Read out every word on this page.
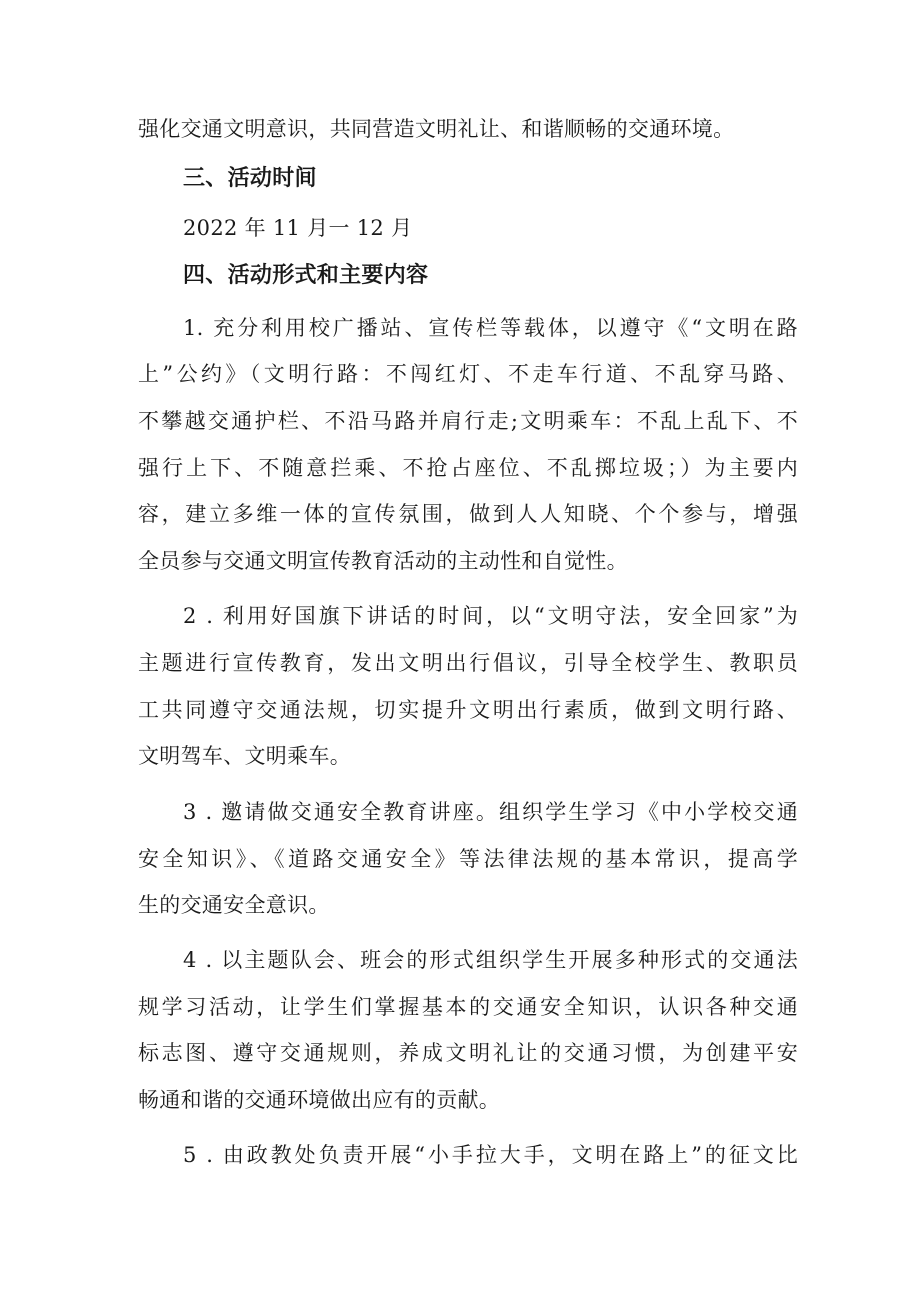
强化交通文明意识，共同营造文明礼让、和谐顺畅的交通环境。
三、活动时间
2022 年 11 月一 12 月
四、活动形式和主要内容
1. 充分利用校广播站、宣传栏等载体，以遵守《“文明在路
上”公约》（文明行路：不闯红灯、不走车行道、不乱穿马路、
不攀越交通护栏、不沿马路并肩行走;文明乘车：不乱上乱下、不
强行上下、不随意拦乘、不抢占座位、不乱掷垃圾；）为主要内
容，建立多维一体的宣传氛围，做到人人知晓、个个参与，增强
全员参与交通文明宣传教育活动的主动性和自觉性。
2 . 利用好国旗下讲话的时间，以“文明守法，安全回家”为
主题进行宣传教育，发出文明出行倡议，引导全校学生、教职员
工共同遵守交通法规，切实提升文明出行素质，做到文明行路、
文明驾车、文明乘车。
3 . 邀请做交通安全教育讲座。组织学生学习《中小学校交通
安全知识》、《道路交通安全》等法律法规的基本常识，提高学
生的交通安全意识。
4 . 以主题队会、班会的形式组织学生开展多种形式的交通法
规学习活动，让学生们掌握基本的交通安全知识，认识各种交通
标志图、遵守交通规则，养成文明礼让的交通习惯，为创建平安
畅通和谐的交通环境做出应有的贡献。
5 . 由政教处负责开展“小手拉大手，文明在路上”的征文比
